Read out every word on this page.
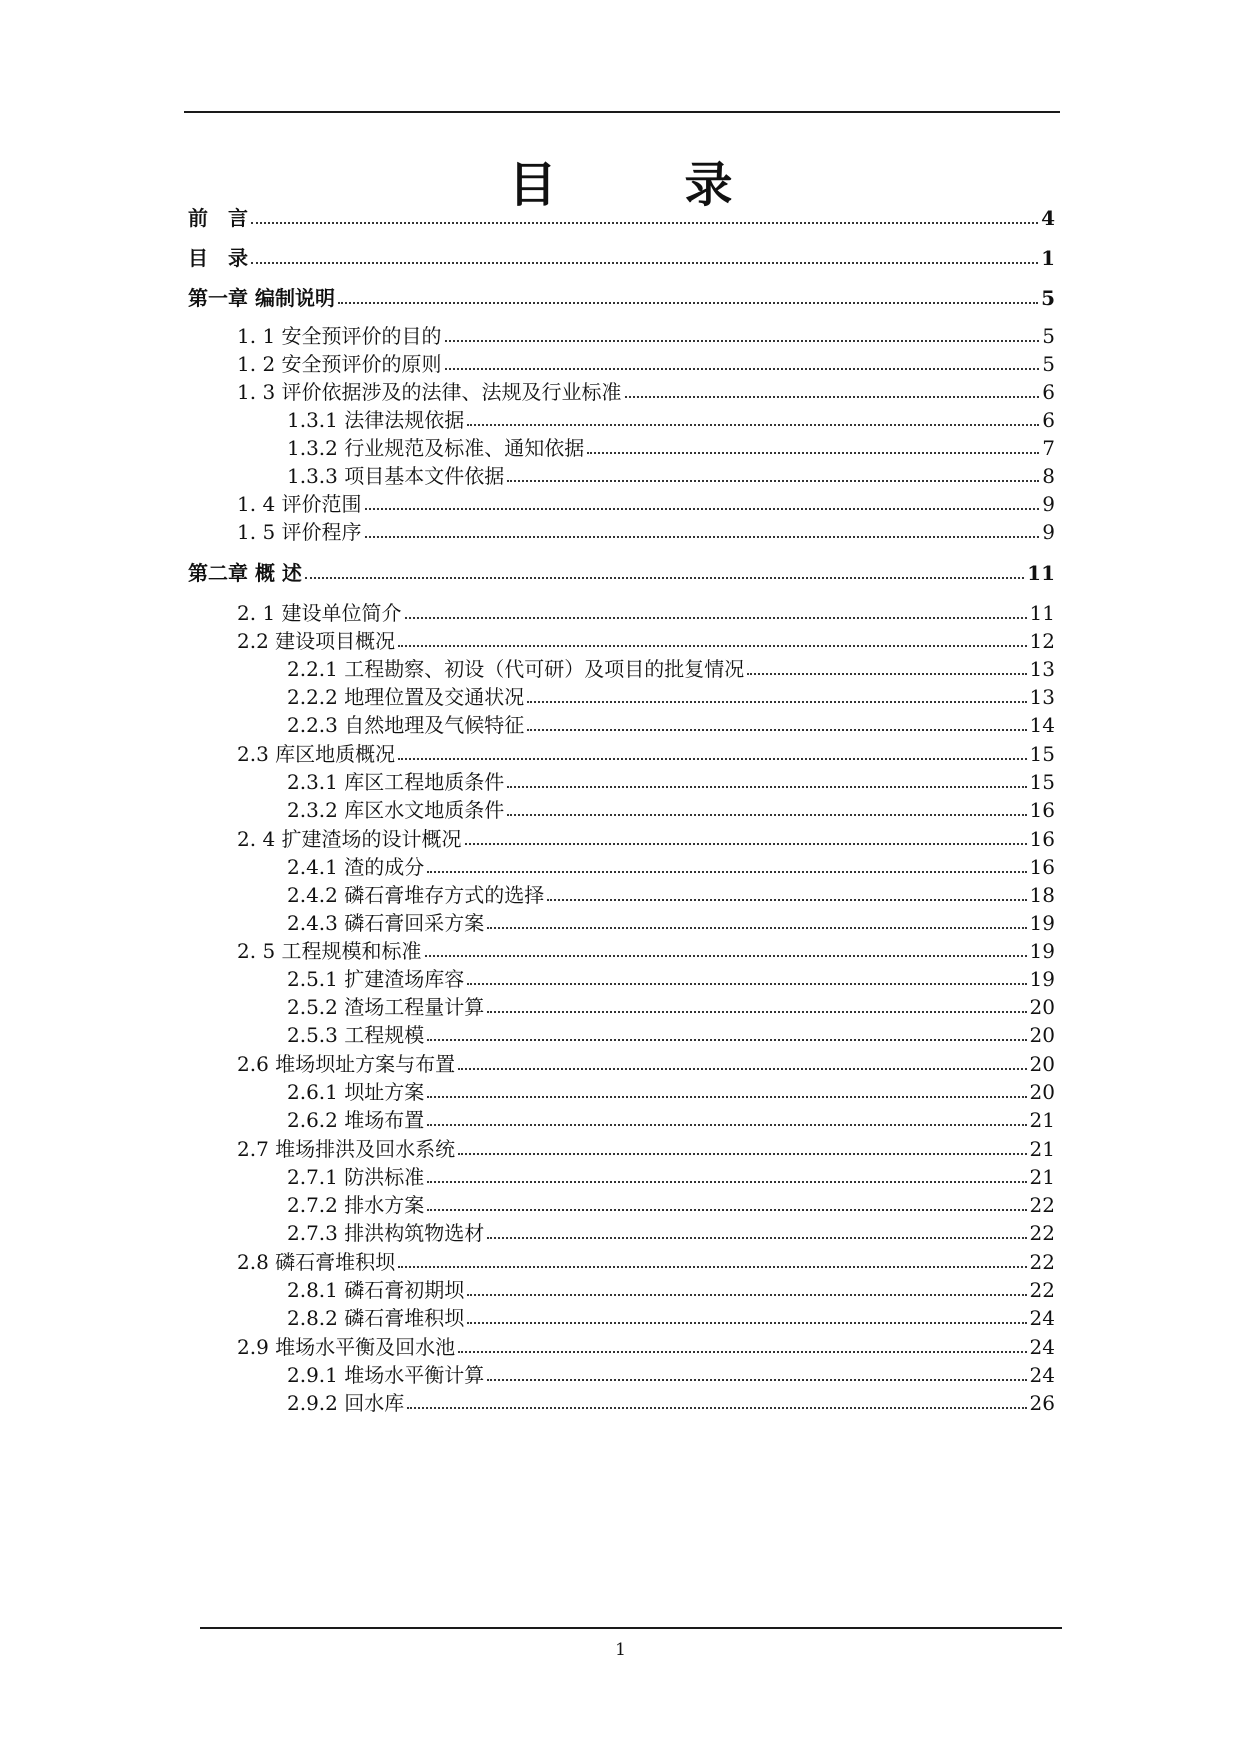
目　录
前　言	4
目　录	1
第一章 编制说明	5
1. 1 安全预评价的目的	5
1. 2 安全预评价的原则	5
1. 3 评价依据涉及的法律、法规及行业标准	6
1.3.1 法律法规依据	6
1.3.2 行业规范及标准、通知依据	7
1.3.3 项目基本文件依据	8
1. 4 评价范围	9
1. 5 评价程序	9
第二章 概 述	11
2. 1 建设单位简介	11
2.2 建设项目概况	12
2.2.1 工程勘察、初设（代可研）及项目的批复情况	13
2.2.2 地理位置及交通状况	13
2.2.3 自然地理及气候特征	14
2.3 库区地质概况	15
2.3.1 库区工程地质条件	15
2.3.2 库区水文地质条件	16
2. 4 扩建渣场的设计概况	16
2.4.1 渣的成分	16
2.4.2 磷石膏堆存方式的选择	18
2.4.3 磷石膏回采方案	19
2. 5 工程规模和标准	19
2.5.1 扩建渣场库容	19
2.5.2 渣场工程量计算	20
2.5.3 工程规模	20
2.6 堆场坝址方案与布置	20
2.6.1 坝址方案	20
2.6.2 堆场布置	21
2.7 堆场排洪及回水系统	21
2.7.1 防洪标准	21
2.7.2 排水方案	22
2.7.3 排洪构筑物选材	22
2.8 磷石膏堆积坝	22
2.8.1 磷石膏初期坝	22
2.8.2 磷石膏堆积坝	24
2.9 堆场水平衡及回水池	24
2.9.1 堆场水平衡计算	24
2.9.2 回水库	26
1
